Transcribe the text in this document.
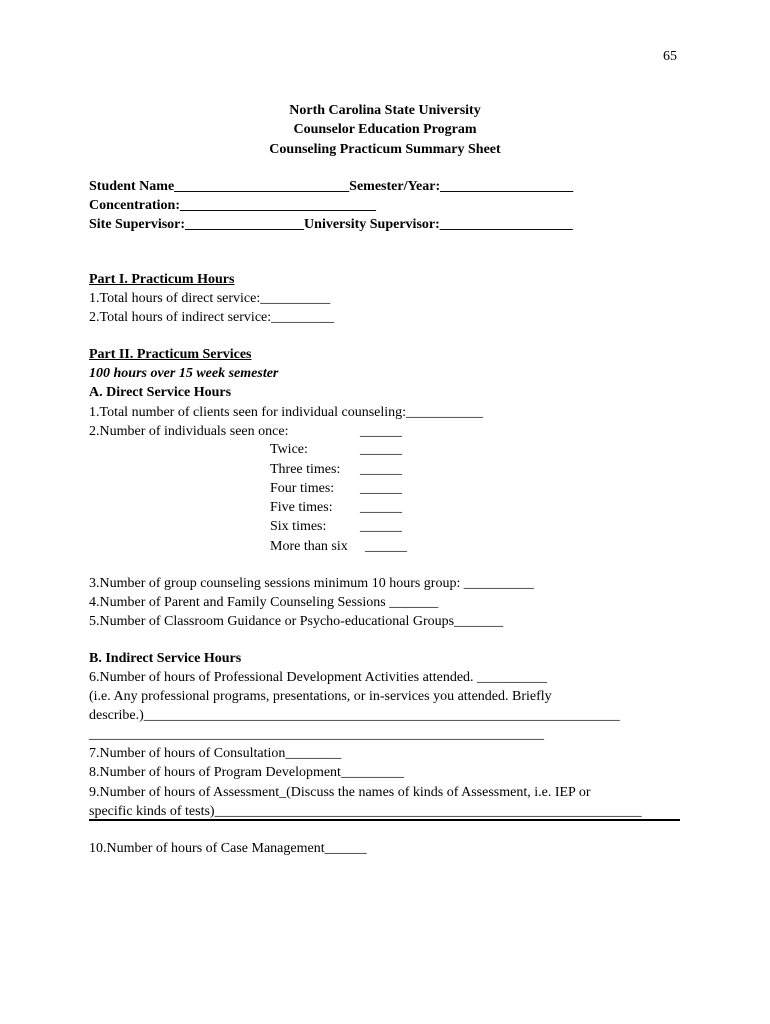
65
North Carolina State University
Counselor Education Program
Counseling Practicum Summary Sheet
Student Name_________________________Semester/Year:___________________
Concentration:____________________________
Site Supervisor:_________________University Supervisor:___________________
Part I. Practicum Hours
1.Total hours of direct service:__________
2.Total hours of indirect service:_________
Part II. Practicum Services
100 hours over 15 week semester
A. Direct Service Hours
1.Total number of clients seen for individual counseling:___________
2.Number of individuals seen once:	______
Twice:	______
Three times: ______
Four times: ______
Five times: ______
Six times: ______
More than six ______
3.Number of group counseling sessions minimum 10 hours group: __________
4.Number of Parent and Family Counseling Sessions _______
5.Number of Classroom Guidance or Psycho-educational Groups_______
B. Indirect Service Hours
6.Number of hours of Professional Development Activities attended. __________
(i.e. Any professional programs, presentations, or in-services you attended. Briefly
describe.)____________________________________________________________________
_________________________________________________________________
7.Number of hours of Consultation________
8.Number of hours of Program Development_________
9.Number of hours of Assessment_(Discuss the names of kinds of Assessment, i.e. IEP or
specific kinds of tests)_____________________________________________________________
10.Number of hours of Case Management______
